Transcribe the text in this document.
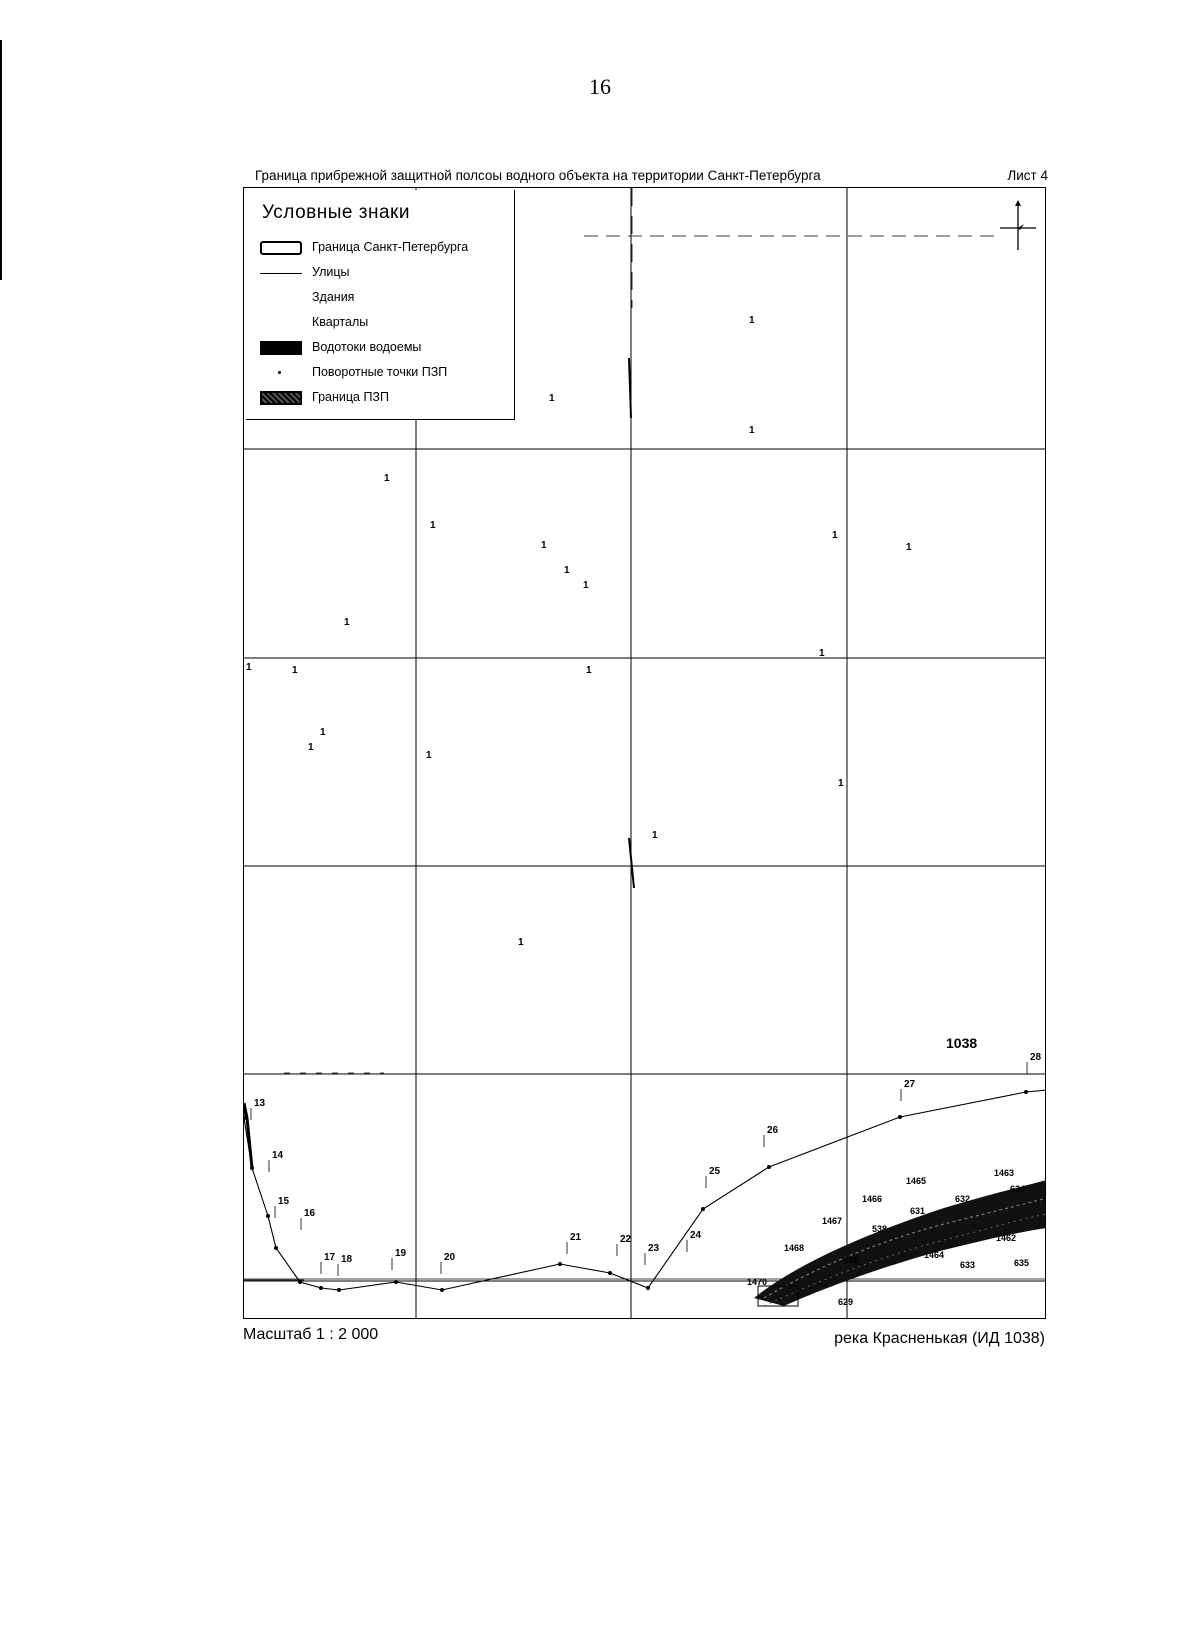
16
Граница прибрежной защитной полсоы водного объекта на территории Санкт-Петербурга	Лист 4
1
1
1
1
1
1
1
1
1
1
1
1	1
1
1
1
1
1
1
1
1
13
14
15
16
17 18
19	20
21	22
23
24
25
26
27
28
1463
634
1465
632
1466
631
1467
538
1468
628	1464
633
1462
635
1470
629
1038
Условные знаки
Граница Санкт-Петербурга
Улицы
Здания
Кварталы
Водотоки водоемы
Поворотные точки ПЗП
Граница ПЗП
Масштаб 1 : 2 000	река Красненькая (ИД 1038)
